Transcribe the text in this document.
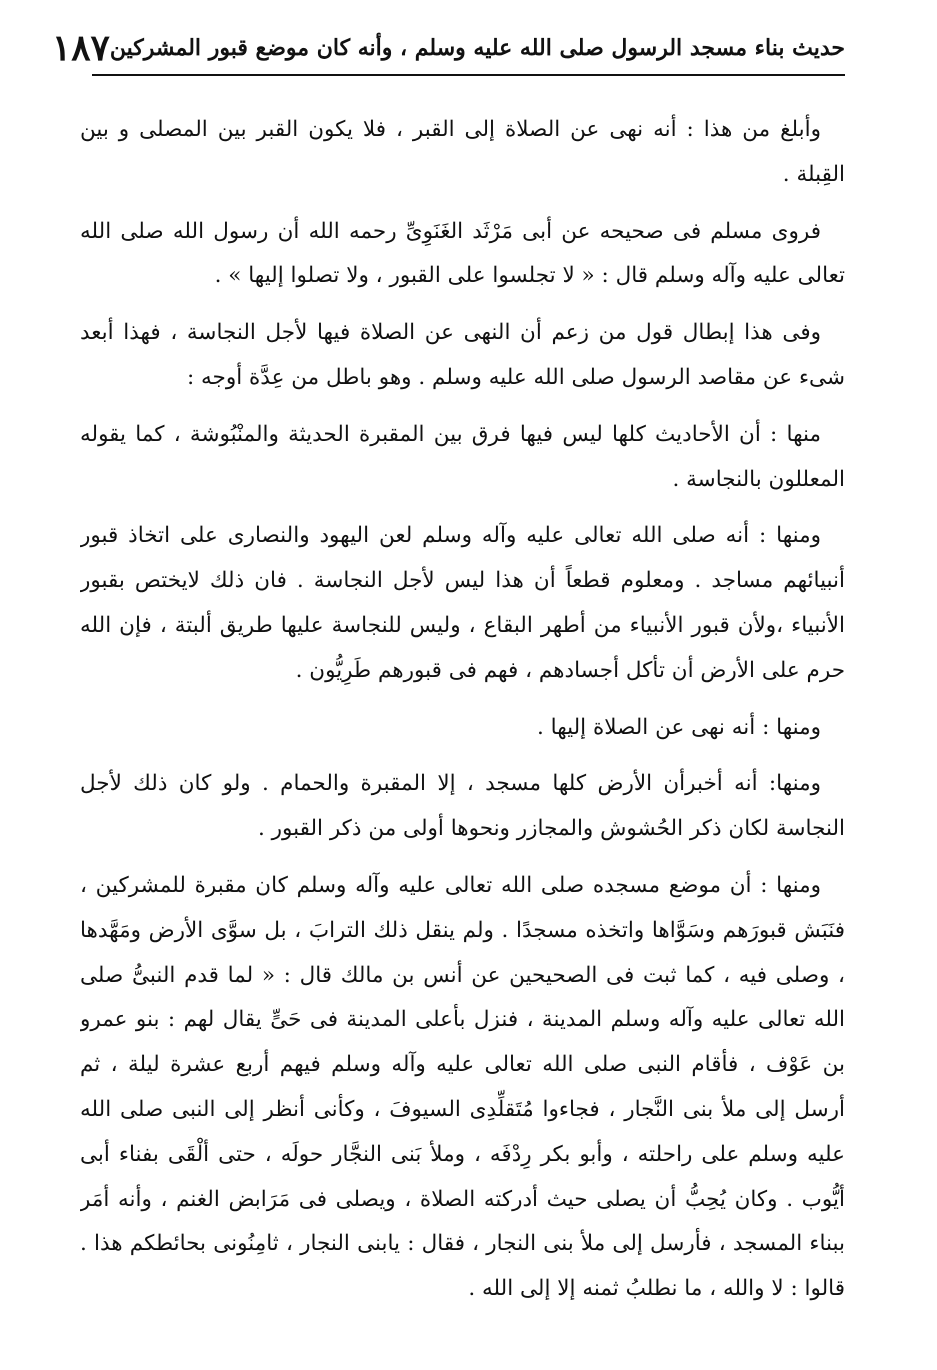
حديث بناء مسجد الرسول صلى الله عليه وسلم ، وأنه كان موضع قبور المشركين
١٨٧

وأبلغ من هذا : أنه نهى عن الصلاة إلى القبر ، فلا يكون القبر بين المصلى و بين القِبلة .

فروى مسلم فى صحيحه عن أبى مَرْثَد الغَنَوِىِّ رحمه الله أن رسول الله صلى الله تعالى عليه وآله وسلم قال : « لا تجلسوا على القبور ، ولا تصلوا إليها » .

وفى هذا إبطال قول من زعم أن النهى عن الصلاة فيها لأجل النجاسة ، فهذا أبعد شىء عن مقاصد الرسول صلى الله عليه وسلم . وهو باطل من عِدَّة أوجه :

منها : أن الأحاديث كلها ليس فيها فرق بين المقبرة الحديثة والمنْبُوشة ، كما يقوله المعللون بالنجاسة .

ومنها : أنه صلى الله تعالى عليه وآله وسلم لعن اليهود والنصارى على اتخاذ قبور أنبيائهم مساجد . ومعلوم قطعاً أن هذا ليس لأجل النجاسة . فان ذلك لايختص بقبور الأنبياء ،ولأن قبور الأنبياء من أطهر البقاع ، وليس للنجاسة عليها طريق ألبتة ، فإن الله حرم على الأرض أن تأكل أجسادهم ، فهم فى قبورهم طَرِيُّون .

ومنها : أنه نهى عن الصلاة إليها .

ومنها: أنه أخبرأن الأرض كلها مسجد ، إلا المقبرة والحمام . ولو كان ذلك لأجل النجاسة لكان ذكر الحُشوش والمجازر ونحوها أولى من ذكر القبور .

ومنها : أن موضع مسجده صلى الله تعالى عليه وآله وسلم كان مقبرة للمشركين ، فنَبَش قبورَهم وسَوَّاها واتخذه مسجدًا . ولم ينقل ذلك الترابَ ، بل سوَّى الأرض ومَهَّدها ، وصلى فيه ، كما ثبت فى الصحيحين عن أنس بن مالك قال : « لما قدم النبىُّ صلى الله تعالى عليه وآله وسلم المدينة ، فنزل بأعلى المدينة فى حَىٍّ يقال لهم : بنو عمرو بن عَوْف ، فأقام النبى صلى الله تعالى عليه وآله وسلم فيهم أربع عشرة ليلة ، ثم أرسل إلى ملأ بنى النَّجار ، فجاءوا مُتَقلِّدِى السيوفَ ، وكأنى أنظر إلى النبى صلى الله عليه وسلم على راحلته ، وأبو بكر رِدْفَه ، وملأ بَنى النجَّار حولَه ، حتى ألْقَى بفناء أبى أيُّوب . وكان يُحِبُّ أن يصلى حيث أدركته الصلاة ، ويصلى فى مَرَابض الغنم ، وأنه أمَر ببناء المسجد ، فأرسل إلى ملأ بنى النجار ، فقال : يابنى النجار ، ثامِنُونى بحائطكم هذا . قالوا : لا والله ، ما نطلبُ ثمنه إلا إلى الله .
